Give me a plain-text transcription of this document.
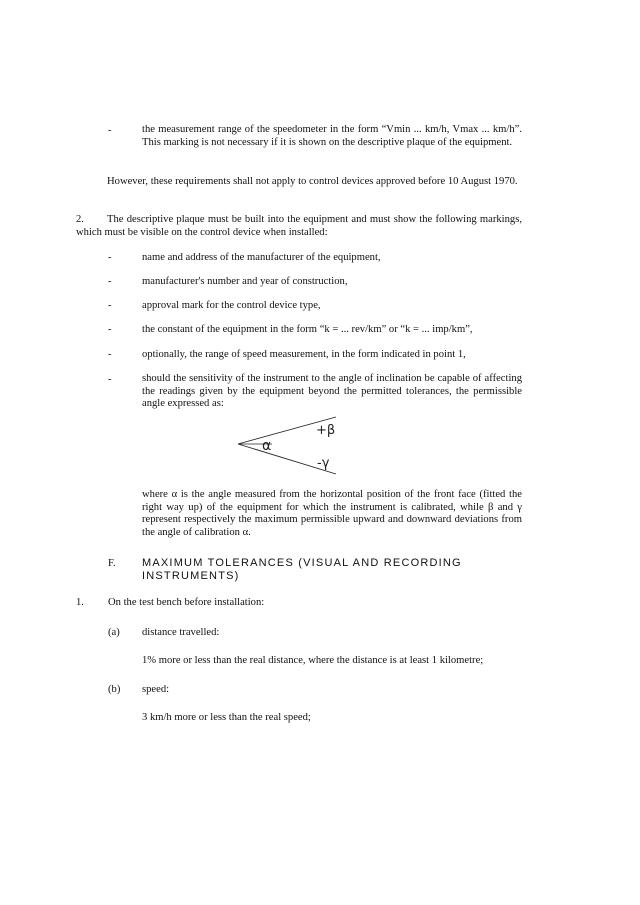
-	the measurement range of the speedometer in the form “Vmin ... km/h, Vmax ... km/h”. This marking is not necessary if it is shown on the descriptive plaque of the equipment.

However, these requirements shall not apply to control devices approved before 10 August 1970.

2.	The descriptive plaque must be built into the equipment and must show the following markings, which must be visible on the control device when installed:

-	name and address of the manufacturer of the equipment,

-	manufacturer's number and year of construction,

-	approval mark for the control device type,

-	the constant of the equipment in the form “k = ... rev/km” or “k = ... imp/km”,

-	optionally, the range of speed measurement, in the form indicated in point 1,

-	should the sensitivity of the instrument to the angle of inclination be capable of affecting the readings given by the equipment beyond the permitted tolerances, the permissible angle expressed as:

α
+β
-γ

where α is the angle measured from the horizontal position of the front face (fitted the right way up) of the equipment for which the instrument is calibrated, while β and γ represent respectively the maximum permissible upward and downward deviations from the angle of calibration α.

F. MAXIMUM TOLERANCES (VISUAL AND RECORDING INSTRUMENTS)

1. On the test bench before installation:

(a) distance travelled:

1% more or less than the real distance, where the distance is at least 1 kilometre;

(b) speed:

3 km/h more or less than the real speed;
